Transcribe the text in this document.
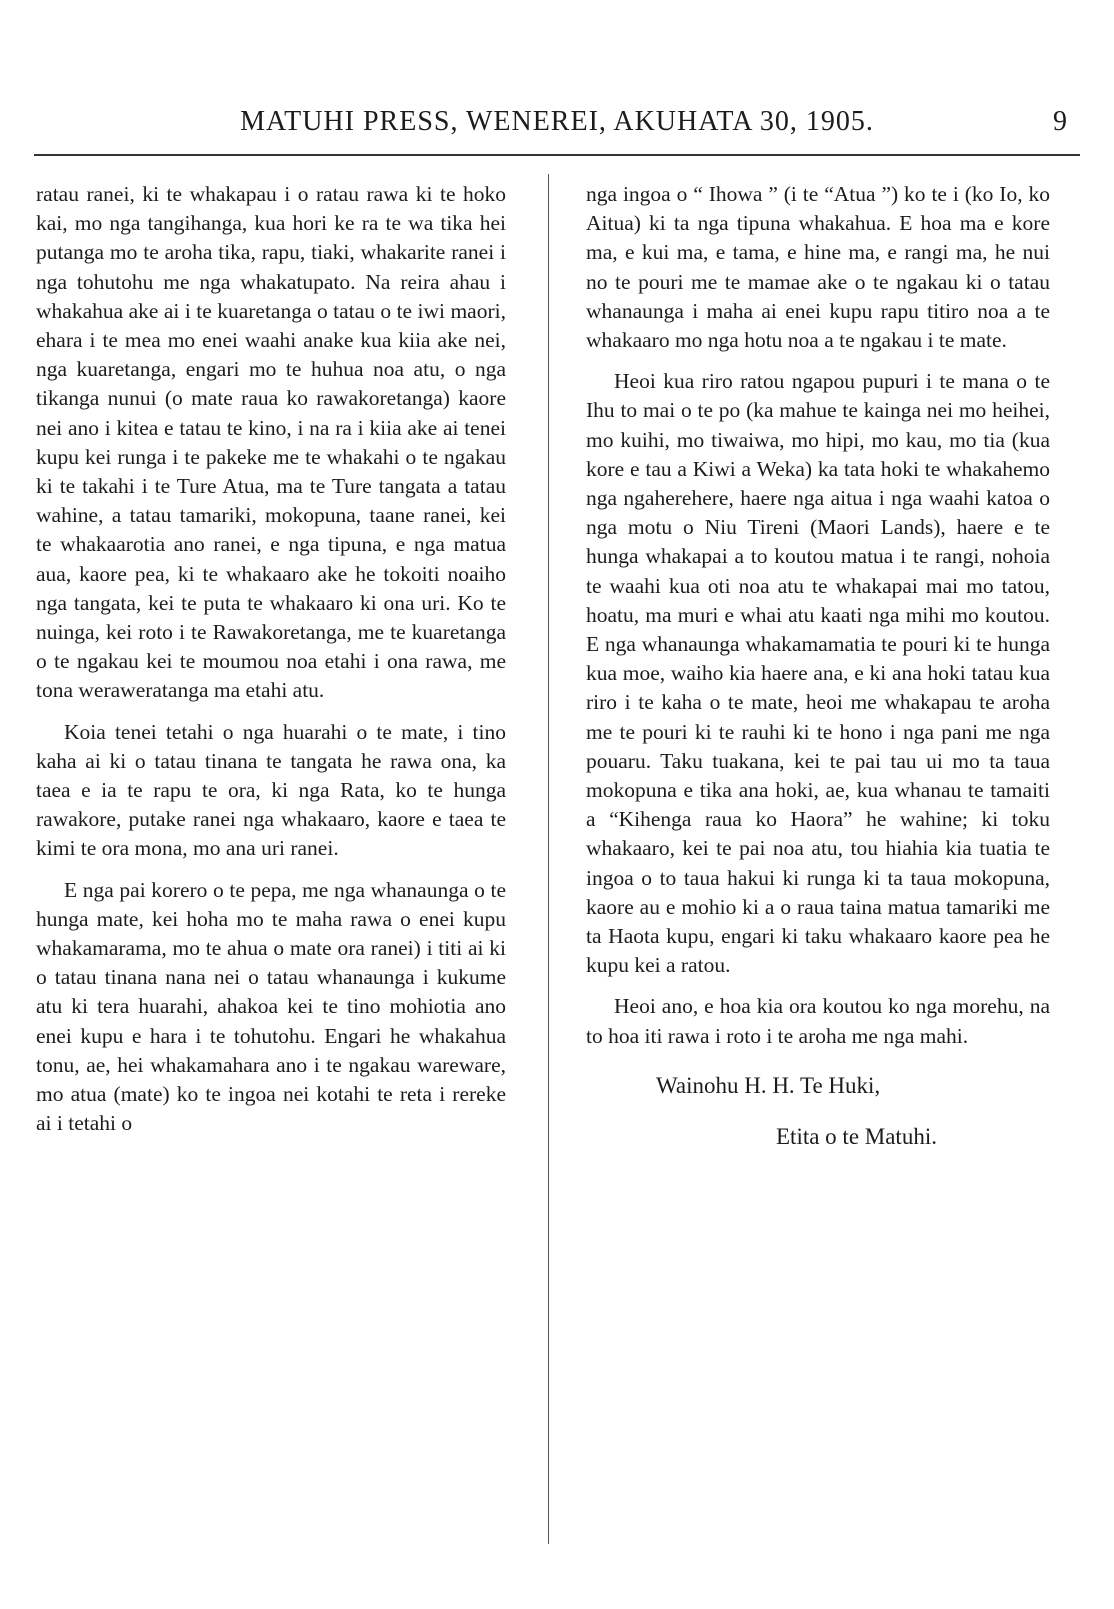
MATUHI PRESS, WENEREI, AKUHATA 30, 1905.	9

ratau ranei, ki te whakapau i o ratau rawa ki te hoko kai, mo nga tangihanga, kua hori ke ra te wa tika hei putanga mo te aroha tika, rapu, tiaki, whakarite ranei i nga tohutohu me nga whakatupato. Na reira ahau i whakahua ake ai i te kuaretanga o tatau o te iwi maori, ehara i te mea mo enei waahi anake kua kiia ake nei, nga kuaretanga, engari mo te huhua noa atu, o nga tikanga nunui (o mate raua ko rawakoretanga) kaore nei ano i kitea e tatau te kino, i na ra i kiia ake ai tenei kupu kei runga i te pakeke me te whakahi o te ngakau ki te takahi i te Ture Atua, ma te Ture tangata a tatau wahine, a tatau tamariki, mokopuna, taane ranei, kei te whakaarotia ano ranei, e nga tipuna, e nga matua aua, kaore pea, ki te whakaaro ake he tokoiti noaiho nga tangata, kei te puta te whakaaro ki ona uri. Ko te nuinga, kei roto i te Rawakoretanga, me te kuaretanga o te ngakau kei te moumou noa etahi i ona rawa, me tona weraweratanga ma etahi atu.

Koia tenei tetahi o nga huarahi o te mate, i tino kaha ai ki o tatau tinana te tangata he rawa ona, ka taea e ia te rapu te ora, ki nga Rata, ko te hunga rawakore, putake ranei nga whakaaro, kaore e taea te kimi te ora mona, mo ana uri ranei.

E nga pai korero o te pepa, me nga whanaunga o te hunga mate, kei hoha mo te maha rawa o enei kupu whakamarama, mo te ahua o mate ora ranei) i titi ai ki o tatau tinana nana nei o tatau whanaunga i kukume atu ki tera huarahi, ahakoa kei te tino mohiotia ano enei kupu e hara i te tohutohu. Engari he whakahua tonu, ae, hei whakamahara ano i te ngakau wareware, mo atua (mate) ko te ingoa nei kotahi te reta i rereke ai i tetahi o

nga ingoa o “ Ihowa ” (i te “Atua ”) ko te i (ko Io, ko Aitua) ki ta nga tipuna whakahua. E hoa ma e kore ma, e kui ma, e tama, e hine ma, e rangi ma, he nui no te pouri me te mamae ake o te ngakau ki o tatau whanaunga i maha ai enei kupu rapu titiro noa a te whakaaro mo nga hotu noa a te ngakau i te mate.

Heoi kua riro ratou ngapou pupuri i te mana o te Ihu to mai o te po (ka mahue te kainga nei mo heihei, mo kuihi, mo tiwaiwa, mo hipi, mo kau, mo tia (kua kore e tau a Kiwi a Weka) ka tata hoki te whakahemo nga ngaherehere, haere nga aitua i nga waahi katoa o nga motu o Niu Tireni (Maori Lands), haere e te hunga whakapai a to koutou matua i te rangi, nohoia te waahi kua oti noa atu te whakapai mai mo tatou, hoatu, ma muri e whai atu kaati nga mihi mo koutou. E nga whanaunga whakamamatia te pouri ki te hunga kua moe, waiho kia haere ana, e ki ana hoki tatau kua riro i te kaha o te mate, heoi me whakapau te aroha me te pouri ki te rauhi ki te hono i nga pani me nga pouaru. Taku tuakana, kei te pai tau ui mo ta taua mokopuna e tika ana hoki, ae, kua whanau te tamaiti a “Kihenga raua ko Haora” he wahine; ki toku whakaaro, kei te pai noa atu, tou hiahia kia tuatia te ingoa o to taua hakui ki runga ki ta taua mokopuna, kaore au e mohio ki a o raua taina matua tamariki me ta Haota kupu, engari ki taku whakaaro kaore pea he kupu kei a ratou.

Heoi ano, e hoa kia ora koutou ko nga morehu, na to hoa iti rawa i roto i te aroha me nga mahi.

Wainohu H. H. Te Huki,

Etita o te Matuhi.
